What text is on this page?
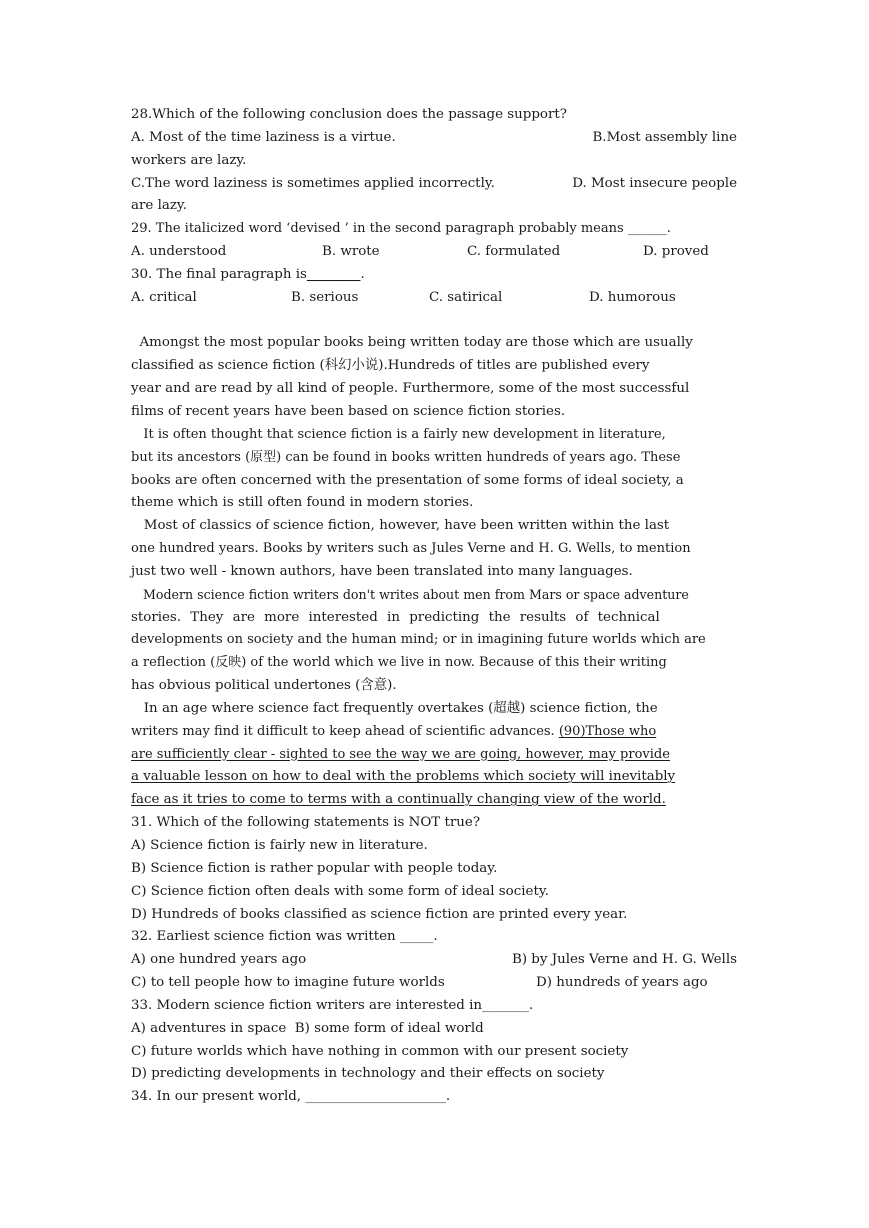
28.Which of the following conclusion does the passage support?
A. Most of the time laziness is a virtue.	B.Most assembly line
workers are lazy.
C.The word laziness is sometimes applied incorrectly.	D. Most insecure people
are lazy.
29. The italicized word ‘devised ’ in the second paragraph probably means ______.
A. understood	B. wrote	C. formulated	D. proved
30. The final paragraph is________.
A. critical	B. serious	C. satirical	D. humorous
Amongst the most popular books being written today are those which are usually
classified as science fiction (科幻小说).Hundreds of titles are published every
year and are read by all kind of people. Furthermore, some of the most successful
films of recent years have been based on science fiction stories.
It is often thought that science fiction is a fairly new development in literature,
but its ancestors (原型) can be found in books written hundreds of years ago. These
books are often concerned with the presentation of some forms of ideal society, a
theme which is still often found in modern stories.
Most of classics of science fiction, however, have been written within the last
one hundred years. Books by writers such as Jules Verne and H. G. Wells, to mention
just two well - known authors, have been translated into many languages.
Modern science fiction writers don't writes about men from Mars or space adventure
stories. They are more interested in predicting the results of technical
developments on society and the human mind; or in imagining future worlds which are
a reflection (反映) of the world which we live in now. Because of this their writing
has obvious political undertones (含意).
In an age where science fact frequently overtakes (超越) science fiction, the
writers may find it difficult to keep ahead of scientific advances. (90)Those who
are sufficiently clear - sighted to see the way we are going, however, may provide
a valuable lesson on how to deal with the problems which society will inevitably
face as it tries to come to terms with a continually changing view of the world.
31. Which of the following statements is NOT true?
A) Science fiction is fairly new in literature.
B) Science fiction is rather popular with people today.
C) Science fiction often deals with some form of ideal society.
D) Hundreds of books classified as science fiction are printed every year.
32. Earliest science fiction was written _____.
A) one hundred years ago	B) by Jules Verne and H. G. Wells
C) to tell people how to imagine future worlds	D) hundreds of years ago
33. Modern science fiction writers are interested in_______.
A) adventures in space  B) some form of ideal world
C) future worlds which have nothing in common with our present society
D) predicting developments in technology and their effects on society
34. In our present world, _____________________.
